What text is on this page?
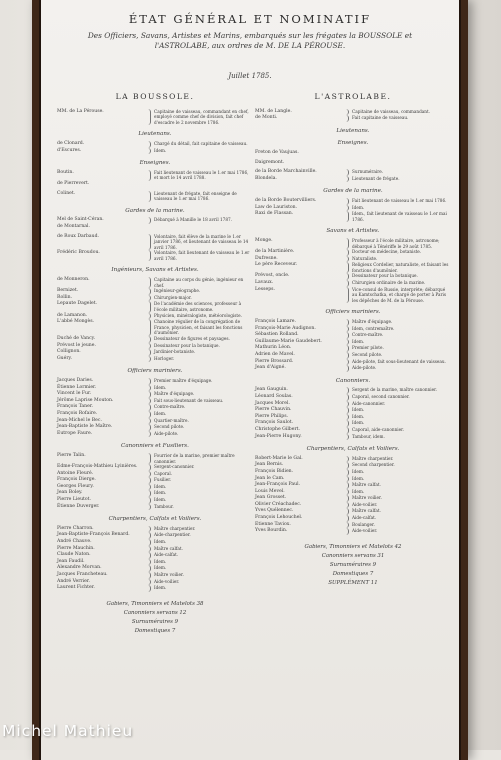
ÉTAT GÉNÉRAL ET NOMINATIF
Des Officiers, Savans, Artistes et Marins, embarqués sur les frégates la BOUSSOLE et l'ASTROLABE, aux ordres de M. DE LA PÉROUSE.
Juillet 1785.
LA BOUSSOLE.
MM. de La Pérouse.	Capitaine de vaisseau, commandant en chef, employé comme chef de division, fait chef d'escadre le 2 novembre 1786.
Lieutenans.
de Clonard.	Chargé du détail, fait capitaine de vaisseau.
d'Escures.	Idem.
Enseignes.
Boutin.	Fait lieutenant de vaisseau le 1.er mai 1786, et mort le 14 avril 1788.
de Pierrevert.
Colinet.	Lieutenant de frégate, fait enseigne de vaisseau le 1.er mai 1786.
Gardes de la marine.
Mel de Saint-Céran.	Débarqué à Manille le 18 avril 1787.
de Montarnal.
de Roux Darbaud.	Volontaire, fait élève de la marine le 1.er janvier 1786, et lieutenant de vaisseau le 14 avril 1786.
Frédéric Broudou.	Volontaire, fait lieutenant de vaisseau le 1.er avril 1786.
Ingénieurs, Savans et Artistes.
de Monneron.	Capitaine au corps du génie, ingénieur en chef.
Bernizet.	Ingénieur-géographe.
Rollin.	Chirurgien-major.
Lepaute Dagelet.	De l'académie des sciences, professeur à l'école militaire, astronome.
de Lamanon.	Physicien, minéralogiste, météorologiste.
L'abbé Mongès.	Chanoine régulier de la congrégation de France, physicien, et faisant les fonctions d'aumônier.
Duché de Vancy.	Dessinateur de figures et paysages.
Prévost le jeune.	Dessinateur pour la botanique.
Collignon.	Jardinier-botaniste.
Guéry.	Horloger.
Officiers mariniers.
Jacques Daries.	Premier maître d'équipage.
Étienne Lormier.	Idem.
Vincent le Fur.	Maître d'équipage.
Jérôme Laprise Mouton.	Fait sous-lieutenant de vaisseau.
François Taner.	Contre-maître.
François Rofaire.	Idem.
Jean-Michel le Bec.	Quartier-maître.
Jean-Baptiste le Maître.	Second pilote.
Eutrope Faure.	Aide-pilote.
Canonniers et Fusiliers.
Pierre Talin.	Fourrier de la marine, premier maître canonnier.
Edme-François-Mathieu Lyinières.	Sergent-canonnier.
Antoine Fleuré.	Caporal.
François Dierge.	Fusilier.
Georges Fleury.	Idem.
Jean Boley.	Idem.
Pierre Lieutot.	Idem.
Étienne Duverger.	Tambour.
Charpentiers, Calfats et Voiliers.
Pierre Charron.	Maître charpentier.
Jean-Baptiste-François Benard.	Aide-charpentier.
André Chauve.	Idem.
Pierre Mauchin.	Maître calfat.
Claude Naton.	Aide-calfat.
Jean Faudil.	Idem.
Alexandre Morvan.	Idem.
Jacques Francheteau.	Maître voilier.
André Verrier.	Aide-voilier.
Laurent Fichter.	Idem.
Gabiers, Timonniers et Matelots 38
Canonniers servans 12
Surnuméraires 9
Domestiques 7
L'ASTROLABE.
MM. de Langle.	Capitaine de vaisseau, commandant.
de Monti.	Fait capitaine de vaisseau.
Lieutenans.
Enseignes.
Freton de Vaujuas.
Daigremont.
de la Borde Marchainville.	Surnuméraire.
Blondela.	Lieutenant de frégate.
Gardes de la marine.
de la Borde Boutervilliers.	Fait lieutenant de vaisseau le 1.er mai 1786.
Law de Lauriston.	Idem.
Raxi de Flassan.	Idem., fait lieutenant de vaisseau le 1.er mai 1786.
Savans et Artistes.
Monge.	Professeur à l'école militaire, astronome; débarqué à Ténériffe le 29 août 1785.
de la Martinière.	Docteur en médecine, botaniste.
Dufresne.	Naturaliste.
Le père Receveur.	Religieux Cordelier, naturaliste, et faisant les fonctions d'aumônier.
Prévost, oncle.	Dessinateur pour la botanique.
Lavaux.	Chirurgien ordinaire de la marine.
Lesseps.	Vice-consul de Russie, interprète; débarqué au Kamtschatka, et chargé de porter à Paris les dépêches de M. de la Pérouse.
Officiers mariniers.
François Lamare.	Maître d'équipage.
François-Marie Audignon.	Idem, contremaître.
Sébastien Rolland.	Contre-maître.
Guillaume-Marie Gaudebert.	Idem.
Mathurin Léon.	Premier pilote.
Adrien de Mavel.	Second pilote.
Pierre Brossard.	Aide-pilote, fait sous-lieutenant de vaisseau.
Jean d'Aigné.	Aide-pilote.
Canonniers.
Jean Gauguin.	Sergent de la marine, maître canonnier.
Léonard Soulas.	Caporal, second canonnier.
Jacques Morel.	Aide-canonnier.
Pierre Chauvin.	Idem.
Pierre Philips.	Idem.
François Saulot.	Idem.
Christophe Gilbert.	Caporal, aide-canonnier.
Jean-Pierre Hugony.	Tambour, idem.
Charpentiers, Calfats et Voiliers.
Robert-Marie le Gal.	Maître charpentier.
Jean Bernis.	Second charpentier.
François Bidien.	Idem.
Jean le Cam.	Idem.
Jean-François Paul.	Maître calfat.
Louis Mevel.	Idem.
Jean Grosset.	Maître voilier.
Olivier Créachadec.	Aide-voilier.
Yves Quélennec.	Maître calfat.
François Lehouchel.	Aide-calfat.
Etienne Taviox.	Boulanger.
Yves Bourdin.	Aide-voilier.
Gabiers, Timonniers et Matelots 42
Canonniers servans 31
Surnuméraires 9
Domestiques 7
SUPPLÉMENT 11
Michel Mathieu
